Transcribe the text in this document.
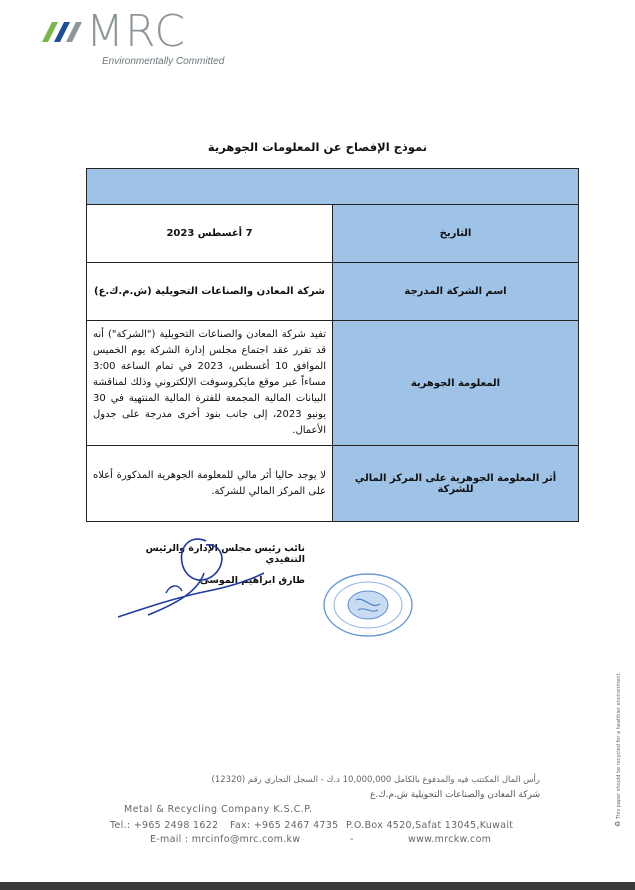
MRC
Environmentally Committed
نموذج الإفصاح عن المعلومات الجوهرية

التاريخ	7 أغسطس 2023
اسم الشركة المدرجة	شركة المعادن والصناعات التحويلية (ش.م.ك.ع)
المعلومة الجوهرية	تفيد شركة المعادن والصناعات التحويلية ("الشركة") أنه قد تقرر عقد اجتماع مجلس إدارة الشركة يوم الخميس الموافق 10 أغسطس، 2023 في تمام الساعة 3:00 مساءاً عبر موقع مايكروسوفت الإلكتروني وذلك لمناقشة البيانات المالية المجمعة للفترة المالية المنتهية في 30 يونيو 2023، إلى جانب بنود أخرى مدرجة على جدول الأعمال.
أثر المعلومة الجوهرية على المركز المالي للشركة	لا يوجد حاليا أثر مالي للمعلومة الجوهرية المذكورة أعلاه على المركز المالي للشركة.
نائب رئيس مجلس الإدارة والرئيس التنفيذي
طارق ابراهيم الموسى
♻ This paper should be recycled for a healthier environment.
رأس المال المكتتب فيه والمدفوع بالكامل 10,000,000 د.ك - السجل التجاري رقم (12320)
شركة المعادن والصناعات التحويلية ش.م.ك.ع
Metal & Recycling Company K.S.C.P.
Tel.: +965 2498 1622 Fax: +965 2467 4735 P.O.Box 4520,Safat 13045,Kuwait
E-mail : mrcinfo@mrc.com.kw	-	www.mrckw.com
